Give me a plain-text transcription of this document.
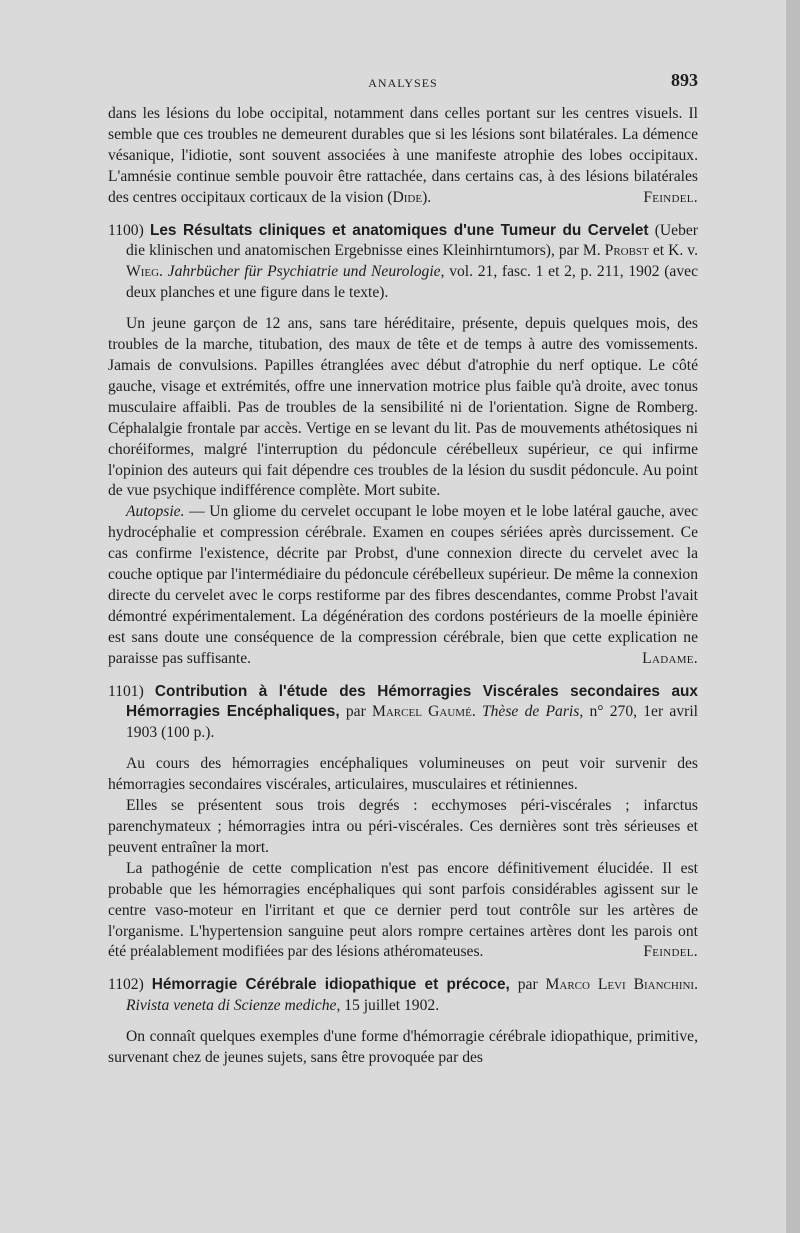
ANALYSES	893

dans les lésions du lobe occipital, notamment dans celles portant sur les centres visuels. Il semble que ces troubles ne demeurent durables que si les lésions sont bilatérales. La démence vésanique, l'idiotie, sont souvent associées à une manifeste atrophie des lobes occipitaux. L'amnésie continue semble pouvoir être rattachée, dans certains cas, à des lésions bilatérales des centres occipitaux corticaux de la vision (Dide).	Feindel.

1100) Les Résultats cliniques et anatomiques d'une Tumeur du Cervelet (Ueber die klinischen und anatomischen Ergebnisse eines Kleinhirntumors), par M. Probst et K. v. Wieg. Jahrbücher für Psychiatrie und Neurologie, vol. 21, fasc. 1 et 2, p. 211, 1902 (avec deux planches et une figure dans le texte).

Un jeune garçon de 12 ans, sans tare héréditaire, présente, depuis quelques mois, des troubles de la marche, titubation, des maux de tête et de temps à autre des vomissements. Jamais de convulsions. Papilles étranglées avec début d'atrophie du nerf optique. Le côté gauche, visage et extrémités, offre une innervation motrice plus faible qu'à droite, avec tonus musculaire affaibli. Pas de troubles de la sensibilité ni de l'orientation. Signe de Romberg. Céphalalgie frontale par accès. Vertige en se levant du lit. Pas de mouvements athétosiques ni choréiformes, malgré l'interruption du pédoncule cérébelleux supérieur, ce qui infirme l'opinion des auteurs qui fait dépendre ces troubles de la lésion du susdit pédoncule. Au point de vue psychique indifférence complète. Mort subite.

Autopsie. — Un gliome du cervelet occupant le lobe moyen et le lobe latéral gauche, avec hydrocéphalie et compression cérébrale. Examen en coupes sériées après durcissement. Ce cas confirme l'existence, décrite par Probst, d'une connexion directe du cervelet avec la couche optique par l'intermédiaire du pédoncule cérébelleux supérieur. De même la connexion directe du cervelet avec le corps restiforme par des fibres descendantes, comme Probst l'avait démontré expérimentalement. La dégénération des cordons postérieurs de la moelle épinière est sans doute une conséquence de la compression cérébrale, bien que cette explication ne paraisse pas suffisante.	Ladame.

1101) Contribution à l'étude des Hémorragies Viscérales secondaires aux Hémorragies Encéphaliques, par Marcel Gaumé. Thèse de Paris, n° 270, 1er avril 1903 (100 p.).

Au cours des hémorragies encéphaliques volumineuses on peut voir survenir des hémorragies secondaires viscérales, articulaires, musculaires et rétiniennes.

Elles se présentent sous trois degrés : ecchymoses péri-viscérales ; infarctus parenchymateux ; hémorragies intra ou péri-viscérales. Ces dernières sont très sérieuses et peuvent entraîner la mort.

La pathogénie de cette complication n'est pas encore définitivement élucidée. Il est probable que les hémorragies encéphaliques qui sont parfois considérables agissent sur le centre vaso-moteur en l'irritant et que ce dernier perd tout contrôle sur les artères de l'organisme. L'hypertension sanguine peut alors rompre certaines artères dont les parois ont été préalablement modifiées par des lésions athéromateuses.	Feindel.

1102) Hémorragie Cérébrale idiopathique et précoce, par Marco Levi Bianchini. Rivista veneta di Scienze mediche, 15 juillet 1902.

On connaît quelques exemples d'une forme d'hémorragie cérébrale idiopathique, primitive, survenant chez de jeunes sujets, sans être provoquée par des
